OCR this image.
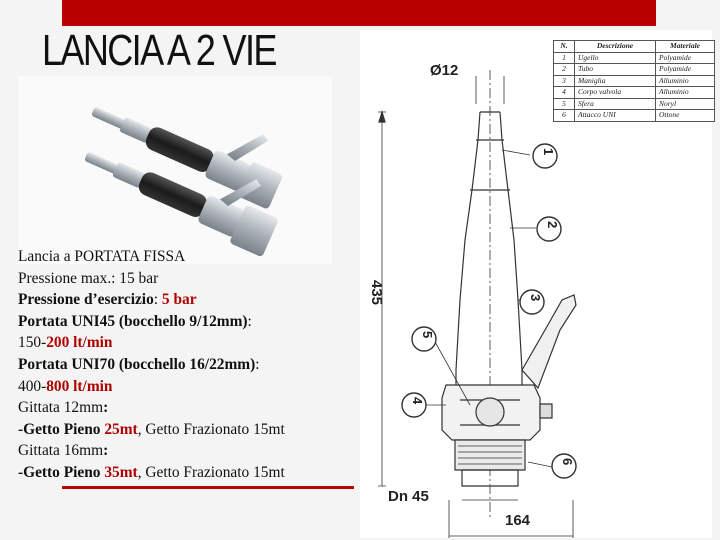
LANCIA A 2 VIE
Lancia a PORTATA FISSA
Pressione max.: 15 bar
Pressione d’esercizio: 5 bar
Portata UNI45 (bocchello 9/12mm):
150-200 lt/min
Portata UNI70 (bocchello 16/22mm):
400-800 lt/min
Gittata 12mm:
-Getto Pieno 25mt, Getto Frazionato 15mt
Gittata 16mm:
-Getto Pieno 35mt, Getto Frazionato 15mt
Ø12
435
Dn 45
164
1
2
3
5
4
6
N.	Descrizione	Materiale
1	Ugello	Polyamide
2	Tubo	Polyamide
3	Maniglia	Alluminio
4	Corpo valvola	Alluminio
5	Sfera	Noryl
6	Attacco UNI	Ottone
